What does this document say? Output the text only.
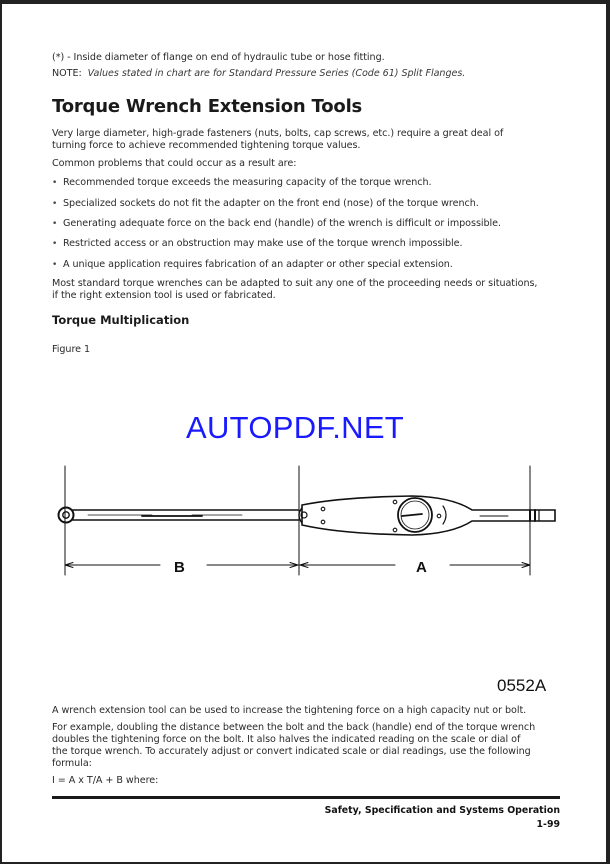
(*) - Inside diameter of flange on end of hydraulic tube or hose fitting.
NOTE: Values stated in chart are for Standard Pressure Series (Code 61) Split Flanges.
Torque Wrench Extension Tools
Very large diameter, high-grade fasteners (nuts, bolts, cap screws, etc.) require a great deal of
turning force to achieve recommended tightening torque values.
Common problems that could occur as a result are:
• Recommended torque exceeds the measuring capacity of the torque wrench.
• Specialized sockets do not fit the adapter on the front end (nose) of the torque wrench.
• Generating adequate force on the back end (handle) of the wrench is difficult or impossible.
• Restricted access or an obstruction may make use of the torque wrench impossible.
• A unique application requires fabrication of an adapter or other special extension.
Most standard torque wrenches can be adapted to suit any one of the proceeding needs or situations,
if the right extension tool is used or fabricated.
Torque Multiplication
Figure 1
AUTOPDF.NET
B	A
0552A
A wrench extension tool can be used to increase the tightening force on a high capacity nut or bolt.
For example, doubling the distance between the bolt and the back (handle) end of the torque wrench
doubles the tightening force on the bolt. It also halves the indicated reading on the scale or dial of
the torque wrench. To accurately adjust or convert indicated scale or dial readings, use the following
formula:
I = A x T/A + B where:
Safety, Specification and Systems Operation
1-99
